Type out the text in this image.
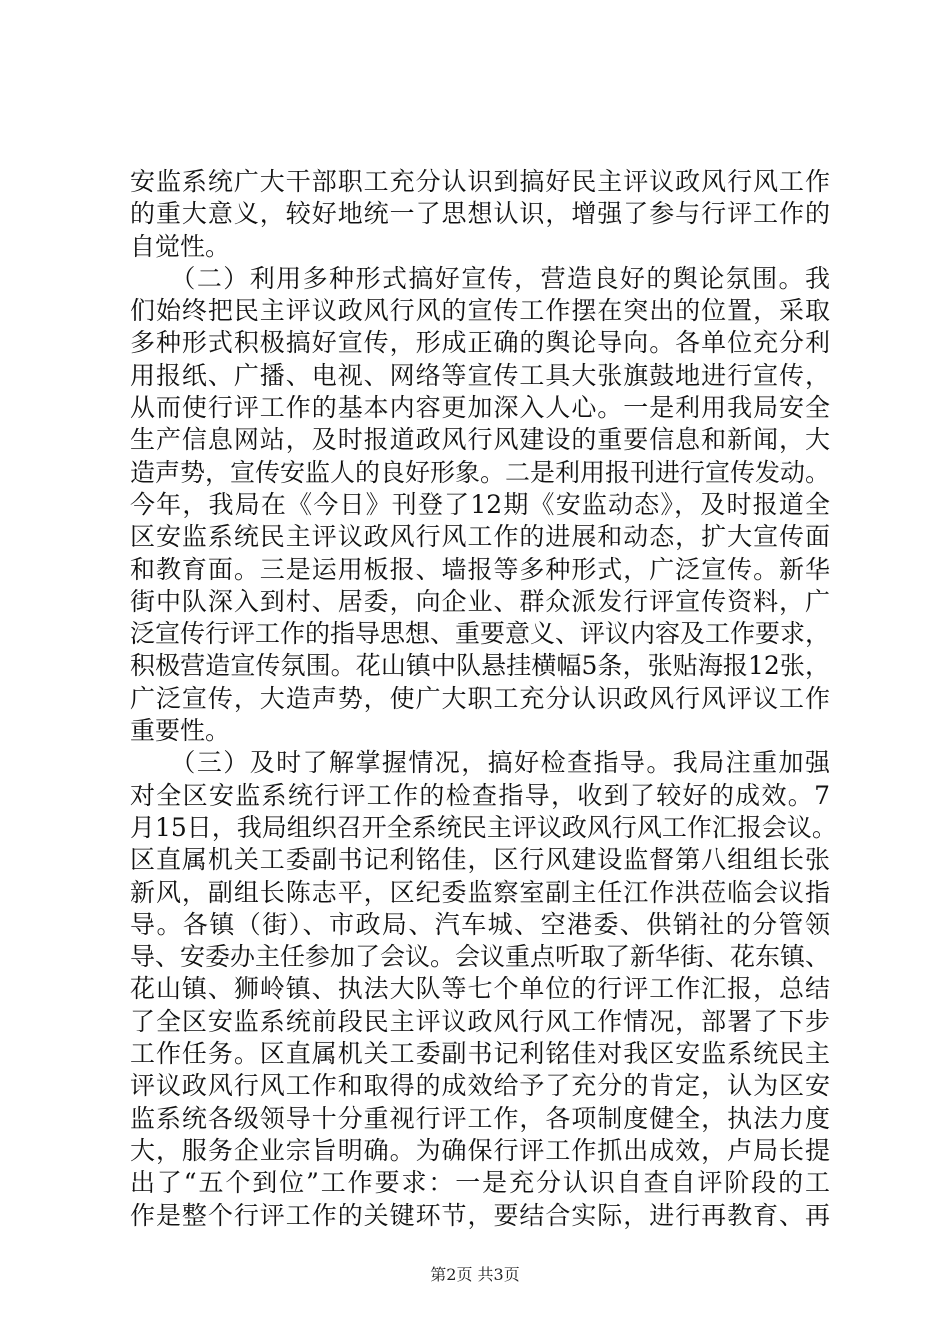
安监系统广大干部职工充分认识到搞好民主评议政风行风工作
的重大意义，较好地统一了思想认识，增强了参与行评工作的
自觉性。
　　（二）利用多种形式搞好宣传，营造良好的舆论氛围。我
们始终把民主评议政风行风的宣传工作摆在突出的位置，采取
多种形式积极搞好宣传，形成正确的舆论导向。各单位充分利
用报纸、广播、电视、网络等宣传工具大张旗鼓地进行宣传，
从而使行评工作的基本内容更加深入人心。一是利用我局安全
生产信息网站，及时报道政风行风建设的重要信息和新闻，大
造声势，宣传安监人的良好形象。二是利用报刊进行宣传发动。
今年，我局在《今日》刊登了12期《安监动态》，及时报道全
区安监系统民主评议政风行风工作的进展和动态，扩大宣传面
和教育面。三是运用板报、墙报等多种形式，广泛宣传。新华
街中队深入到村、居委，向企业、群众派发行评宣传资料，广
泛宣传行评工作的指导思想、重要意义、评议内容及工作要求，
积极营造宣传氛围。花山镇中队悬挂横幅5条，张贴海报12张，
广泛宣传，大造声势，使广大职工充分认识政风行风评议工作
重要性。
　　（三）及时了解掌握情况，搞好检查指导。我局注重加强
对全区安监系统行评工作的检查指导，收到了较好的成效。7
月15日，我局组织召开全系统民主评议政风行风工作汇报会议。
区直属机关工委副书记利铭佳，区行风建设监督第八组组长张
新风，副组长陈志平，区纪委监察室副主任江作洪莅临会议指
导。各镇（街）、市政局、汽车城、空港委、供销社的分管领
导、安委办主任参加了会议。会议重点听取了新华街、花东镇、
花山镇、狮岭镇、执法大队等七个单位的行评工作汇报，总结
了全区安监系统前段民主评议政风行风工作情况，部署了下步
工作任务。区直属机关工委副书记利铭佳对我区安监系统民主
评议政风行风工作和取得的成效给予了充分的肯定，认为区安
监系统各级领导十分重视行评工作，各项制度健全，执法力度
大，服务企业宗旨明确。为确保行评工作抓出成效，卢局长提
出了“五个到位”工作要求：一是充分认识自查自评阶段的工
作是整个行评工作的关键环节，要结合实际，进行再教育、再
第2页 共3页
